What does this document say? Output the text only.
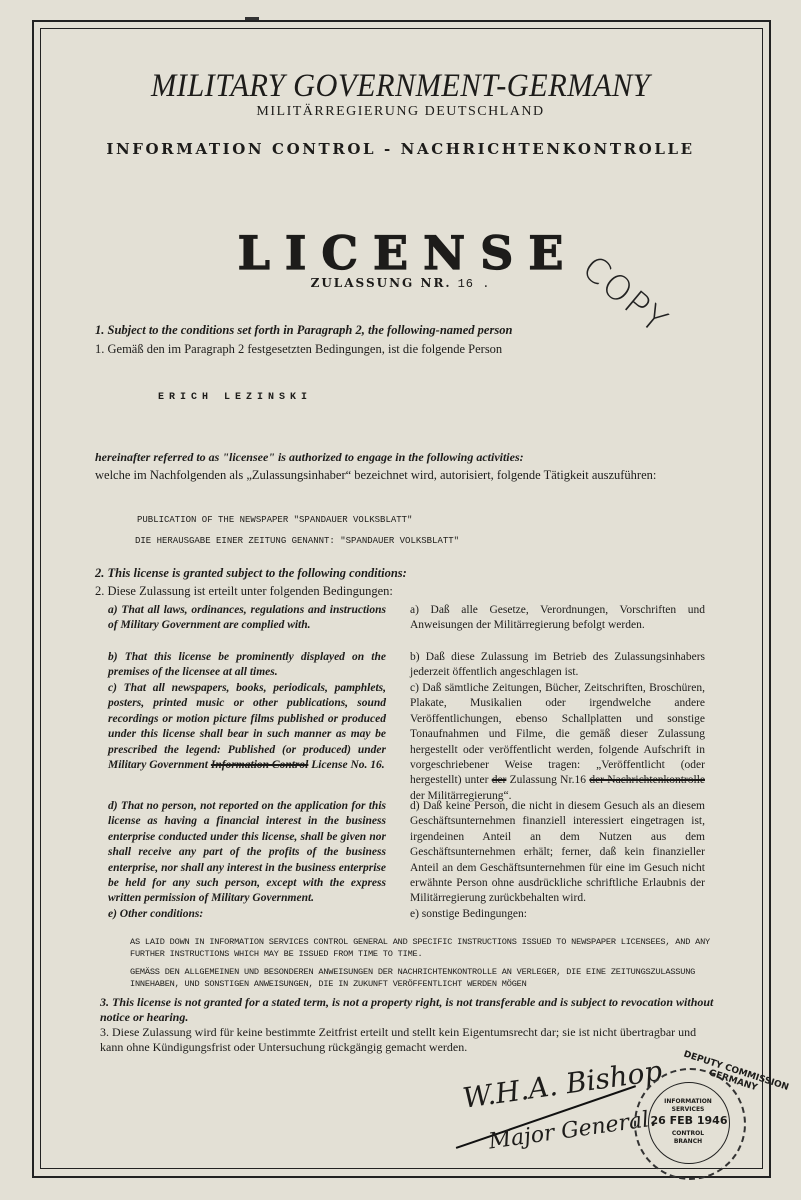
MILITARY GOVERNMENT-GERMANY
MILITÄRREGIERUNG DEUTSCHLAND
INFORMATION CONTROL - NACHRICHTENKONTROLLE
LICENSE
ZULASSUNG NR. 16 .	COPY
1. Subject to the conditions set forth in Paragraph 2, the following-named person
1. Gemäß den im Paragraph 2 festgesetzten Bedingungen, ist die folgende Person
ERICH LEZINSKI
hereinafter referred to as "licensee" is authorized to engage in the following activities:
welche im Nachfolgenden als „Zulassungsinhaber“ bezeichnet wird, autorisiert, folgende Tätigkeit auszuführen:
PUBLICATION OF THE NEWSPAPER "SPANDAUER VOLKSBLATT"
DIE HERAUSGABE EINER ZEITUNG GENANNT: "SPANDAUER VOLKSBLATT"
2. This license is granted subject to the following conditions:
2. Diese Zulassung ist erteilt unter folgenden Bedingungen:
a) That all laws, ordinances, regulations and instructions of Military Government are complied with.
a) Daß alle Gesetze, Verordnungen, Vorschriften und Anweisungen der Militärregierung befolgt werden.
b) That this license be prominently displayed on the premises of the licensee at all times.
b) Daß diese Zulassung im Betrieb des Zulassungsinhabers jederzeit öffentlich angeschlagen ist.
c) That all newspapers, books, periodicals, pamphlets, posters, printed music or other publications, sound recordings or motion picture films published or produced under this license shall bear in such manner as may be prescribed the legend: Published (or produced) under Military Government Information Control License No. 16.
c) Daß sämtliche Zeitungen, Bücher, Zeitschriften, Broschüren, Plakate, Musikalien oder irgendwelche andere Veröffentlichungen, ebenso Schallplatten und sonstige Tonaufnahmen und Filme, die gemäß dieser Zulassung hergestellt oder veröffentlicht werden, folgende Aufschrift in vorgeschriebener Weise tragen: „Veröffentlicht (oder hergestellt) unter der Zulassung Nr.16 der Nachrichtenkontrolle der Militärregierung“.
d) That no person, not reported on the application for this license as having a financial interest in the business enterprise conducted under this license, shall be given nor shall receive any part of the profits of the business enterprise, nor shall any interest in the business enterprise be held for any such person, except with the express written permission of Military Government.
d) Daß keine Person, die nicht in diesem Gesuch als an diesem Geschäftsunternehmen finanziell interessiert eingetragen ist, irgendeinen Anteil an dem Nutzen aus dem Geschäftsunternehmen erhält; ferner, daß kein finanzieller Anteil an dem Geschäftsunternehmen für eine im Gesuch nicht erwähnte Person ohne ausdrückliche schriftliche Erlaubnis der Militärregierung zurückbehalten wird.
e) Other conditions:	e) sonstige Bedingungen:
AS LAID DOWN IN INFORMATION SERVICES CONTROL GENERAL AND SPECIFIC INSTRUCTIONS ISSUED TO NEWSPAPER LICENSEES, AND ANY FURTHER INSTRUCTIONS WHICH MAY BE ISSUED FROM TIME TO TIME.
GEMÄSS DEN ALLGEMEINEN UND BESONDEREN ANWEISUNGEN DER NACHRICHTENKONTROLLE AN VERLEGER, DIE EINE ZEITUNGSZULASSUNG INNEHABEN, UND SONSTIGEN ANWEISUNGEN, DIE IN ZUKUNFT VERÖFFENTLICHT WERDEN MÖGEN
3. This license is not granted for a stated term, is not a property right, is not transferable and is subject to revocation without notice or hearing.
3. Diese Zulassung wird für keine bestimmte Zeitfrist erteilt und stellt kein Eigentumsrecht dar; sie ist nicht übertragbar und kann ohne Kündigungsfrist oder Untersuchung rückgängig gemacht werden.
W.H.A. Bishop
Major General.
DEPUTY COMMISSION GERMANY
INFORMATION
SERVICES
26 FEB 1946
CONTROL
BRANCH
